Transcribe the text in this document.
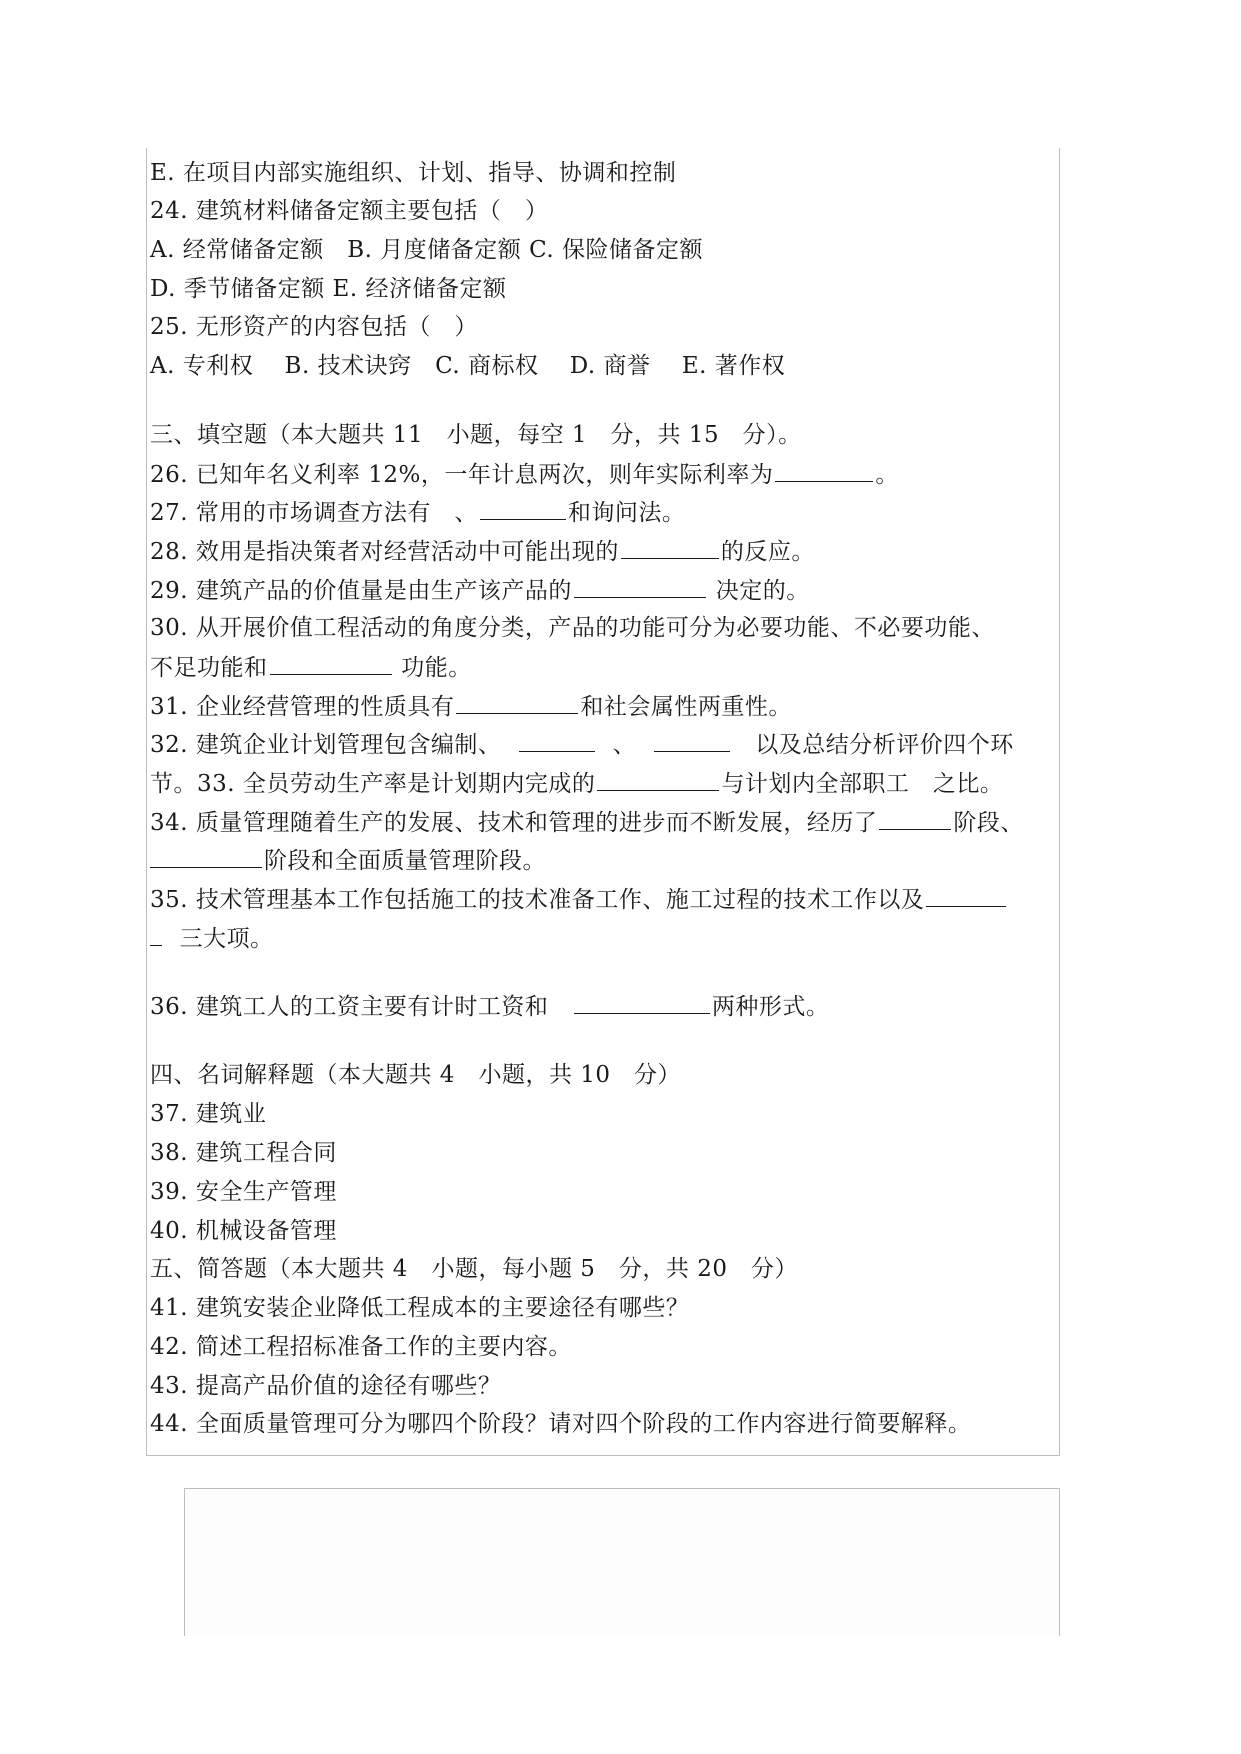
E. 在项目内部实施组织、计划、指导、协调和控制
24. 建筑材料储备定额主要包括（　）
A. 经常储备定额　B. 月度储备定额 C. 保险储备定额
D. 季节储备定额 E. 经济储备定额
25. 无形资产的内容包括（　）
A. 专利权　 B. 技术诀窍　C. 商标权　 D. 商誉　 E. 著作权
三、填空题（本大题共 11　小题，每空 1　分，共 15　分）。
26. 已知年名义利率 12%，一年计息两次，则年实际利率为	。
27. 常用的市场调查方法有　、	和询问法。
28. 效用是指决策者对经营活动中可能出现的	的反应。
29. 建筑产品的价值量是由生产该产品的	决定的。
30. 从开展价值工程活动的角度分类，产品的功能可分为必要功能、不必要功能、
不足功能和	功能。
31. 企业经营管理的性质具有	和社会属性两重性。
32. 建筑企业计划管理包含编制、	、	以及总结分析评价四个环
节。33. 全员劳动生产率是计划期内完成的	与计划内全部职工　之比。
34. 质量管理随着生产的发展、技术和管理的进步而不断发展，经历了	阶段、
阶段和全面质量管理阶段。
35. 技术管理基本工作包括施工的技术准备工作、施工过程的技术工作以及
三大项。
36. 建筑工人的工资主要有计时工资和	两种形式。
四、名词解释题（本大题共 4　小题，共 10　分）
37. 建筑业
38. 建筑工程合同
39. 安全生产管理
40. 机械设备管理
五、简答题（本大题共 4　小题，每小题 5　分，共 20　分）
41. 建筑安装企业降低工程成本的主要途径有哪些？
42. 简述工程招标准备工作的主要内容。
43. 提高产品价值的途径有哪些？
44. 全面质量管理可分为哪四个阶段？请对四个阶段的工作内容进行简要解释。
